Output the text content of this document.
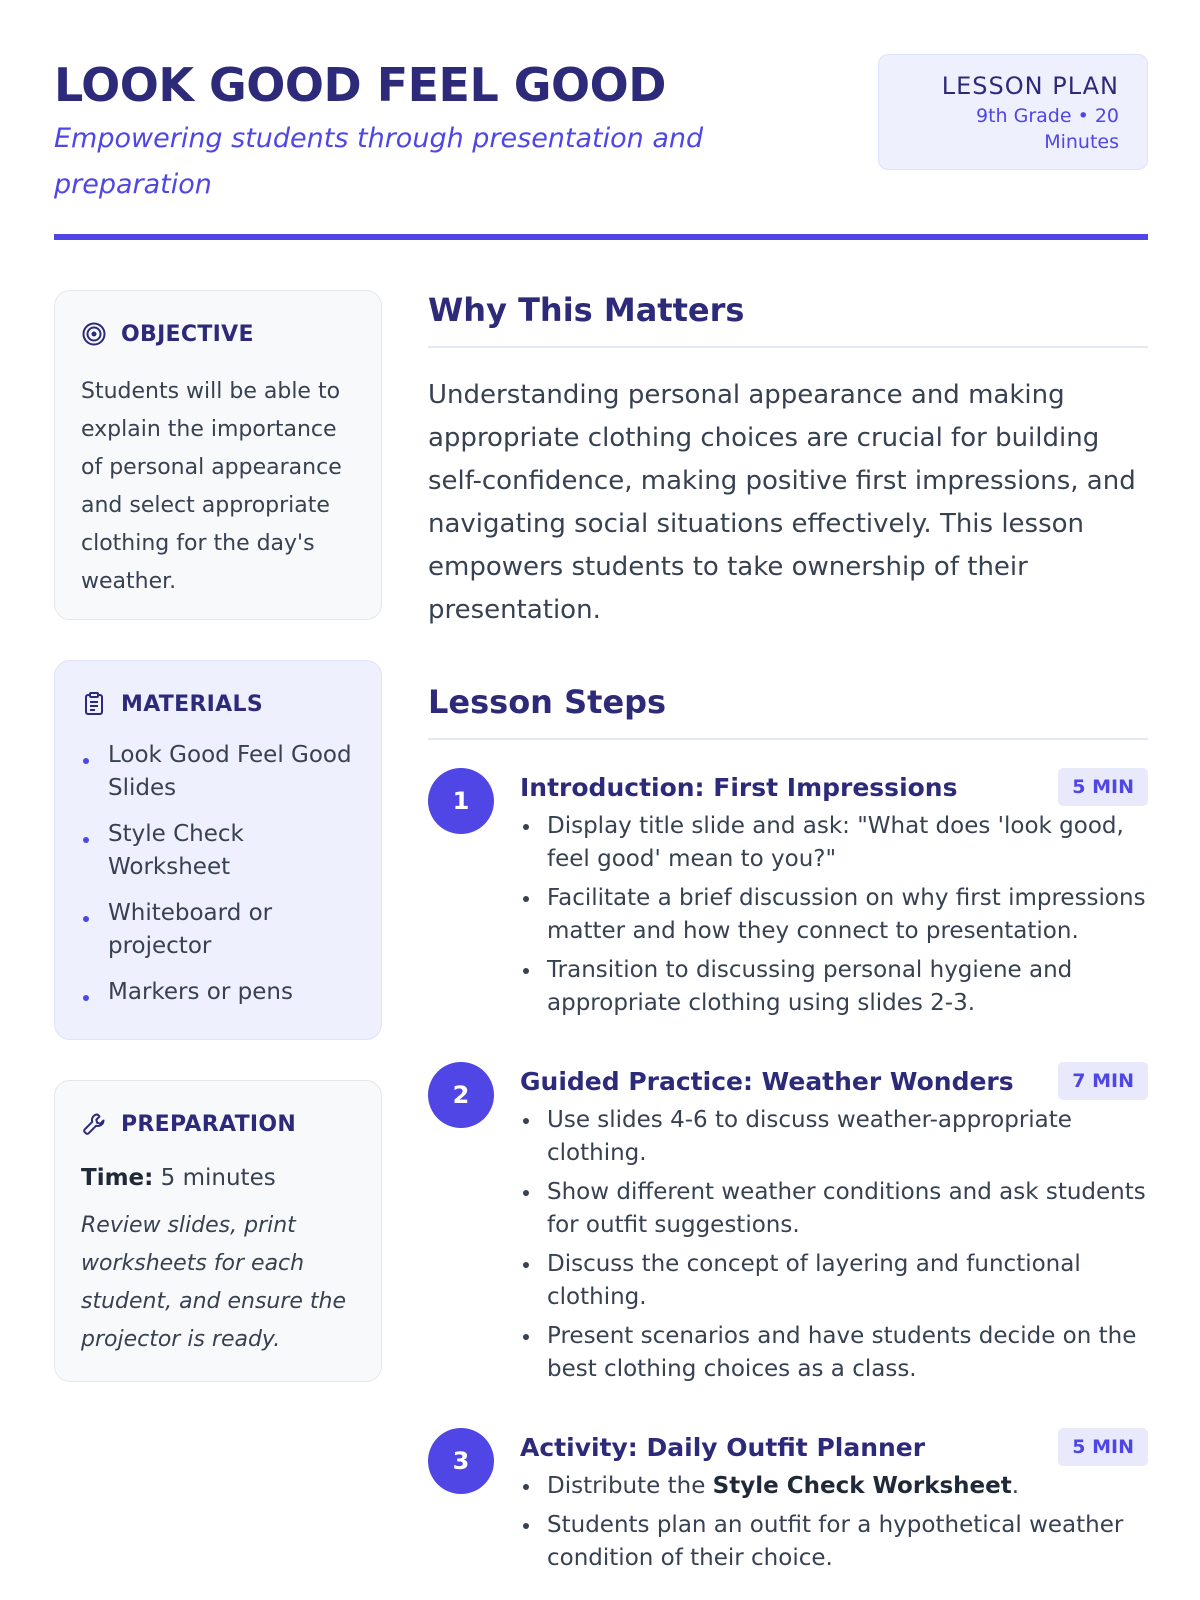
LOOK GOOD FEEL GOOD
Empowering students through presentation and preparation
LESSON PLAN
9th Grade • 20 Minutes
OBJECTIVE
Students will be able to explain the importance of personal appearance and select appropriate clothing for the day's weather.
MATERIALS
Look Good Feel Good Slides
Style Check Worksheet
Whiteboard or projector
Markers or pens
PREPARATION
Time: 5 minutes
Review slides, print worksheets for each student, and ensure the projector is ready.
Why This Matters
Understanding personal appearance and making appropriate clothing choices are crucial for building self-confidence, making positive first impressions, and navigating social situations effectively. This lesson empowers students to take ownership of their presentation.
Lesson Steps
1	Introduction: First Impressions	5 MIN
Display title slide and ask: "What does 'look good, feel good' mean to you?"
Facilitate a brief discussion on why first impressions matter and how they connect to presentation.
Transition to discussing personal hygiene and appropriate clothing using slides 2-3.
2	Guided Practice: Weather Wonders	7 MIN
Use slides 4-6 to discuss weather-appropriate clothing.
Show different weather conditions and ask students for outfit suggestions.
Discuss the concept of layering and functional clothing.
Present scenarios and have students decide on the best clothing choices as a class.
3	Activity: Daily Outfit Planner	5 MIN
Distribute the Style Check Worksheet.
Students plan an outfit for a hypothetical weather condition of their choice.
